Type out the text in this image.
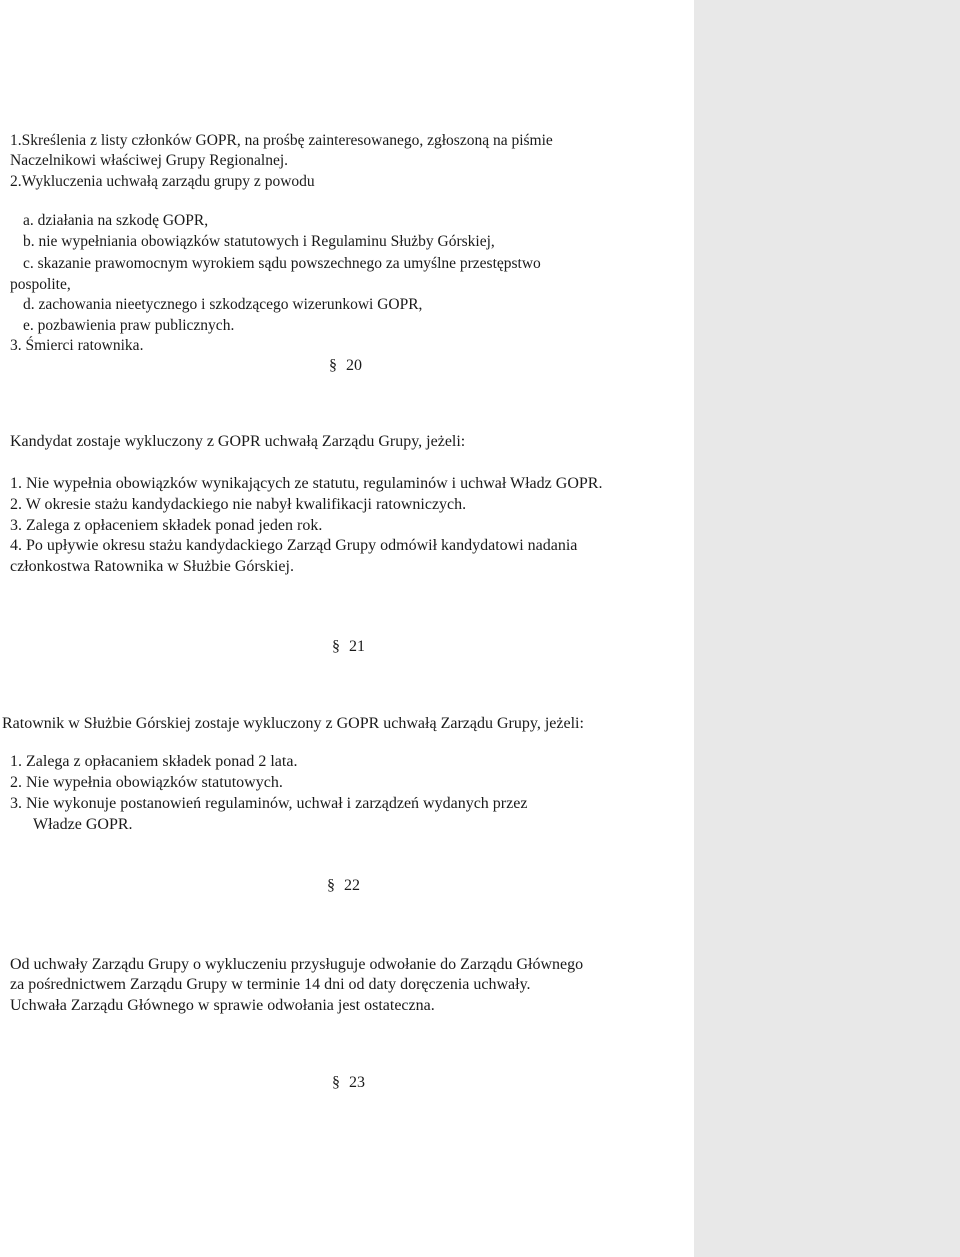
1.Skreślenia z listy członków GOPR, na prośbę zainteresowanego, zgłoszoną na piśmie
Naczelnikowi właściwej Grupy Regionalnej.
2.Wykluczenia uchwałą zarządu grupy z powodu
a. działania na szkodę GOPR,
b. nie wypełniania obowiązków statutowych i Regulaminu Służby Górskiej,
c. skazanie prawomocnym wyrokiem sądu powszechnego za umyślne przestępstwo
pospolite,
d. zachowania nieetycznego i szkodzącego wizerunkowi GOPR,
e. pozbawienia praw publicznych.
3. Śmierci ratownika.
§ 20
Kandydat zostaje wykluczony z GOPR uchwałą Zarządu Grupy, jeżeli:
1. Nie wypełnia obowiązków wynikających ze statutu, regulaminów i uchwał Władz GOPR.
2. W okresie stażu kandydackiego nie nabył kwalifikacji ratowniczych.
3. Zalega z opłaceniem składek ponad jeden rok.
4. Po upływie okresu stażu kandydackiego Zarząd Grupy odmówił kandydatowi nadania
członkostwa Ratownika w Służbie Górskiej.
§ 21
Ratownik w Służbie Górskiej zostaje wykluczony z GOPR uchwałą Zarządu Grupy, jeżeli:
1. Zalega z opłacaniem składek ponad 2 lata.
2. Nie wypełnia obowiązków statutowych.
3. Nie wykonuje postanowień regulaminów, uchwał i zarządzeń wydanych przez
Władze GOPR.
§ 22
Od uchwały Zarządu Grupy o wykluczeniu przysługuje odwołanie do Zarządu Głównego
za pośrednictwem Zarządu Grupy w terminie 14 dni od daty doręczenia uchwały.
Uchwała Zarządu Głównego w sprawie odwołania jest ostateczna.
§ 23
